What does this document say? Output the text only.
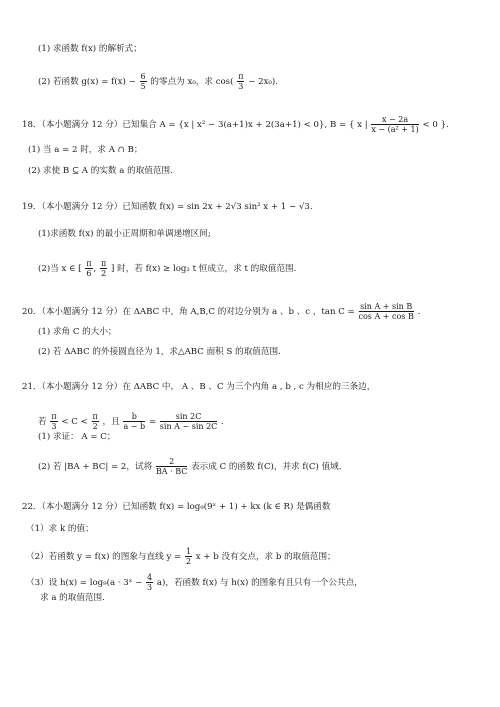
(1) 求函数 f(x) 的解析式；
(2) 若函数 $g(x) = f(x) - \frac{6}{5}$ 的零点为 x₀，求 $\cos( \frac{\pi}{3} - 2x_0)$.
18．（本小题满分 12 分）已知集合 A = {x | x² − 3(a+1)x + 2(3a+1) < 0}, B = { x | $\frac{x - 2a}{\text{x − (a² + 1)}} < 0$ }.
(1) 当 a = 2 时，求 A ∩ B；
(2) 求使 B ⊆ A 的实数 a 的取值范围.
19．（本小题满分 12 分）已知函数 f(x) = sin 2x + 2√3 sin² x + 1 − √3.
(1)求函数 f(x) 的最小正周期和单调递增区间;
(2)当 x ∈ [ $\frac{\pi}{6}$ , $\frac{\pi}{2}$ ] 时，若 f(x) ≥ log₂ t 恒成立，求 t 的取值范围.
20．（本小题满分 12 分）在 ΔABC 中，角 A,B,C 的对边分别为 a 、b 、c ，$\tan C = \frac{\text{sin A + sin B}}{\text{cos A + cos B}}$ .
(1) 求角 C 的大小；
(2) 若 ΔABC 的外接圆直径为 1，求△ABC 面积 S 的取值范围.
21．（本小题满分 12 分）在 ΔABC 中， A 、B 、C 为三个内角 a , b , c 为相应的三条边，
若 $\frac{\pi}{3} < C < \frac{\pi}{2}$ ，且 $\frac{b}{a - b} = \frac{\sin 2C}{\text{sin A − sin 2C}}$ .
(1) 求证： A = C；
(2) 若 |BA + BC| = 2，试将 $\frac{2}{BA \cdot BC}$ 表示成 C 的函数 f(C)，并求 f(C) 值域.
22．（本小题满分 12 分）已知函数 f(x) = log₉(9ˣ + 1) + kx (k ∈ R) 是偶函数
（1）求 k 的值；
（2）若函数 y = f(x) 的图象与直线 $y = \frac{1}{2}$ x + b 没有交点，求 b 的取值范围；
（3）设 h(x) = log₉(a · 3ˣ − $\frac{4}{3} a$)，若函数 f(x) 与 h(x) 的图象有且只有一个公共点，
求 a 的取值范围.
